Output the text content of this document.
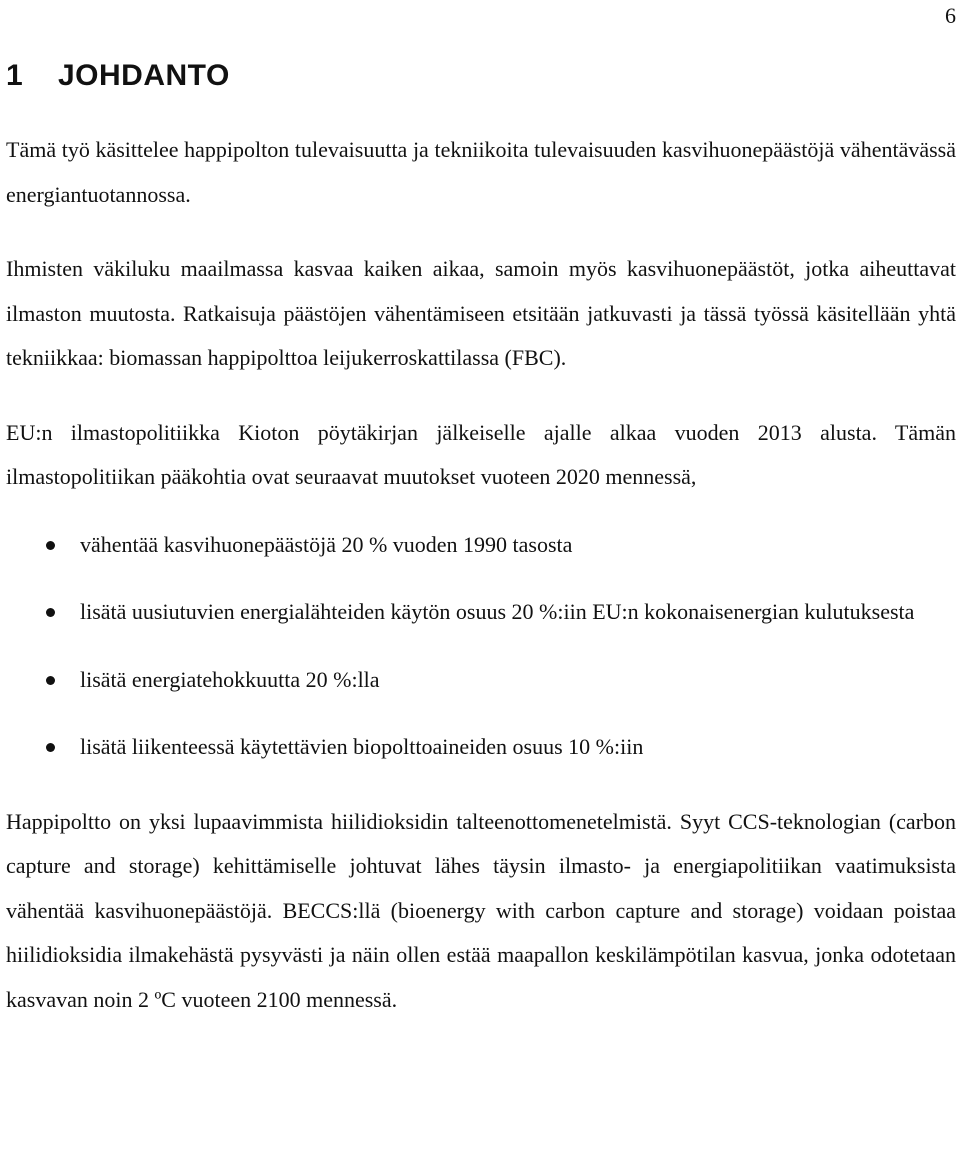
6
1 JOHDANTO

Tämä työ käsittelee happipolton tulevaisuutta ja tekniikoita tulevaisuuden kasvihuonepäästöjä vähentävässä energiantuotannossa.

Ihmisten väkiluku maailmassa kasvaa kaiken aikaa, samoin myös kasvihuonepäästöt, jotka aiheuttavat ilmaston muutosta. Ratkaisuja päästöjen vähentämiseen etsitään jatkuvasti ja tässä työssä käsitellään yhtä tekniikkaa: biomassan happipolttoa leijukerroskattilassa (FBC).

EU:n ilmastopolitiikka Kioton pöytäkirjan jälkeiselle ajalle alkaa vuoden 2013 alusta. Tämän ilmastopolitiikan pääkohtia ovat seuraavat muutokset vuoteen 2020 mennessä,

vähentää kasvihuonepäästöjä 20 % vuoden 1990 tasosta
lisätä uusiutuvien energialähteiden käytön osuus 20 %:iin EU:n kokonaisenergian kulutuksesta
lisätä energiatehokkuutta 20 %:lla
lisätä liikenteessä käytettävien biopolttoaineiden osuus 10 %:iin

Happipoltto on yksi lupaavimmista hiilidioksidin talteenottomenetelmistä. Syyt CCS-teknologian (carbon capture and storage) kehittämiselle johtuvat lähes täysin ilmasto- ja energiapolitiikan vaatimuksista vähentää kasvihuonepäästöjä. BECCS:llä (bioenergy with carbon capture and storage) voidaan poistaa hiilidioksidia ilmakehästä pysyvästi ja näin ollen estää maapallon keskilämpötilan kasvua, jonka odotetaan kasvavan noin 2 ºC vuoteen 2100 mennessä.
